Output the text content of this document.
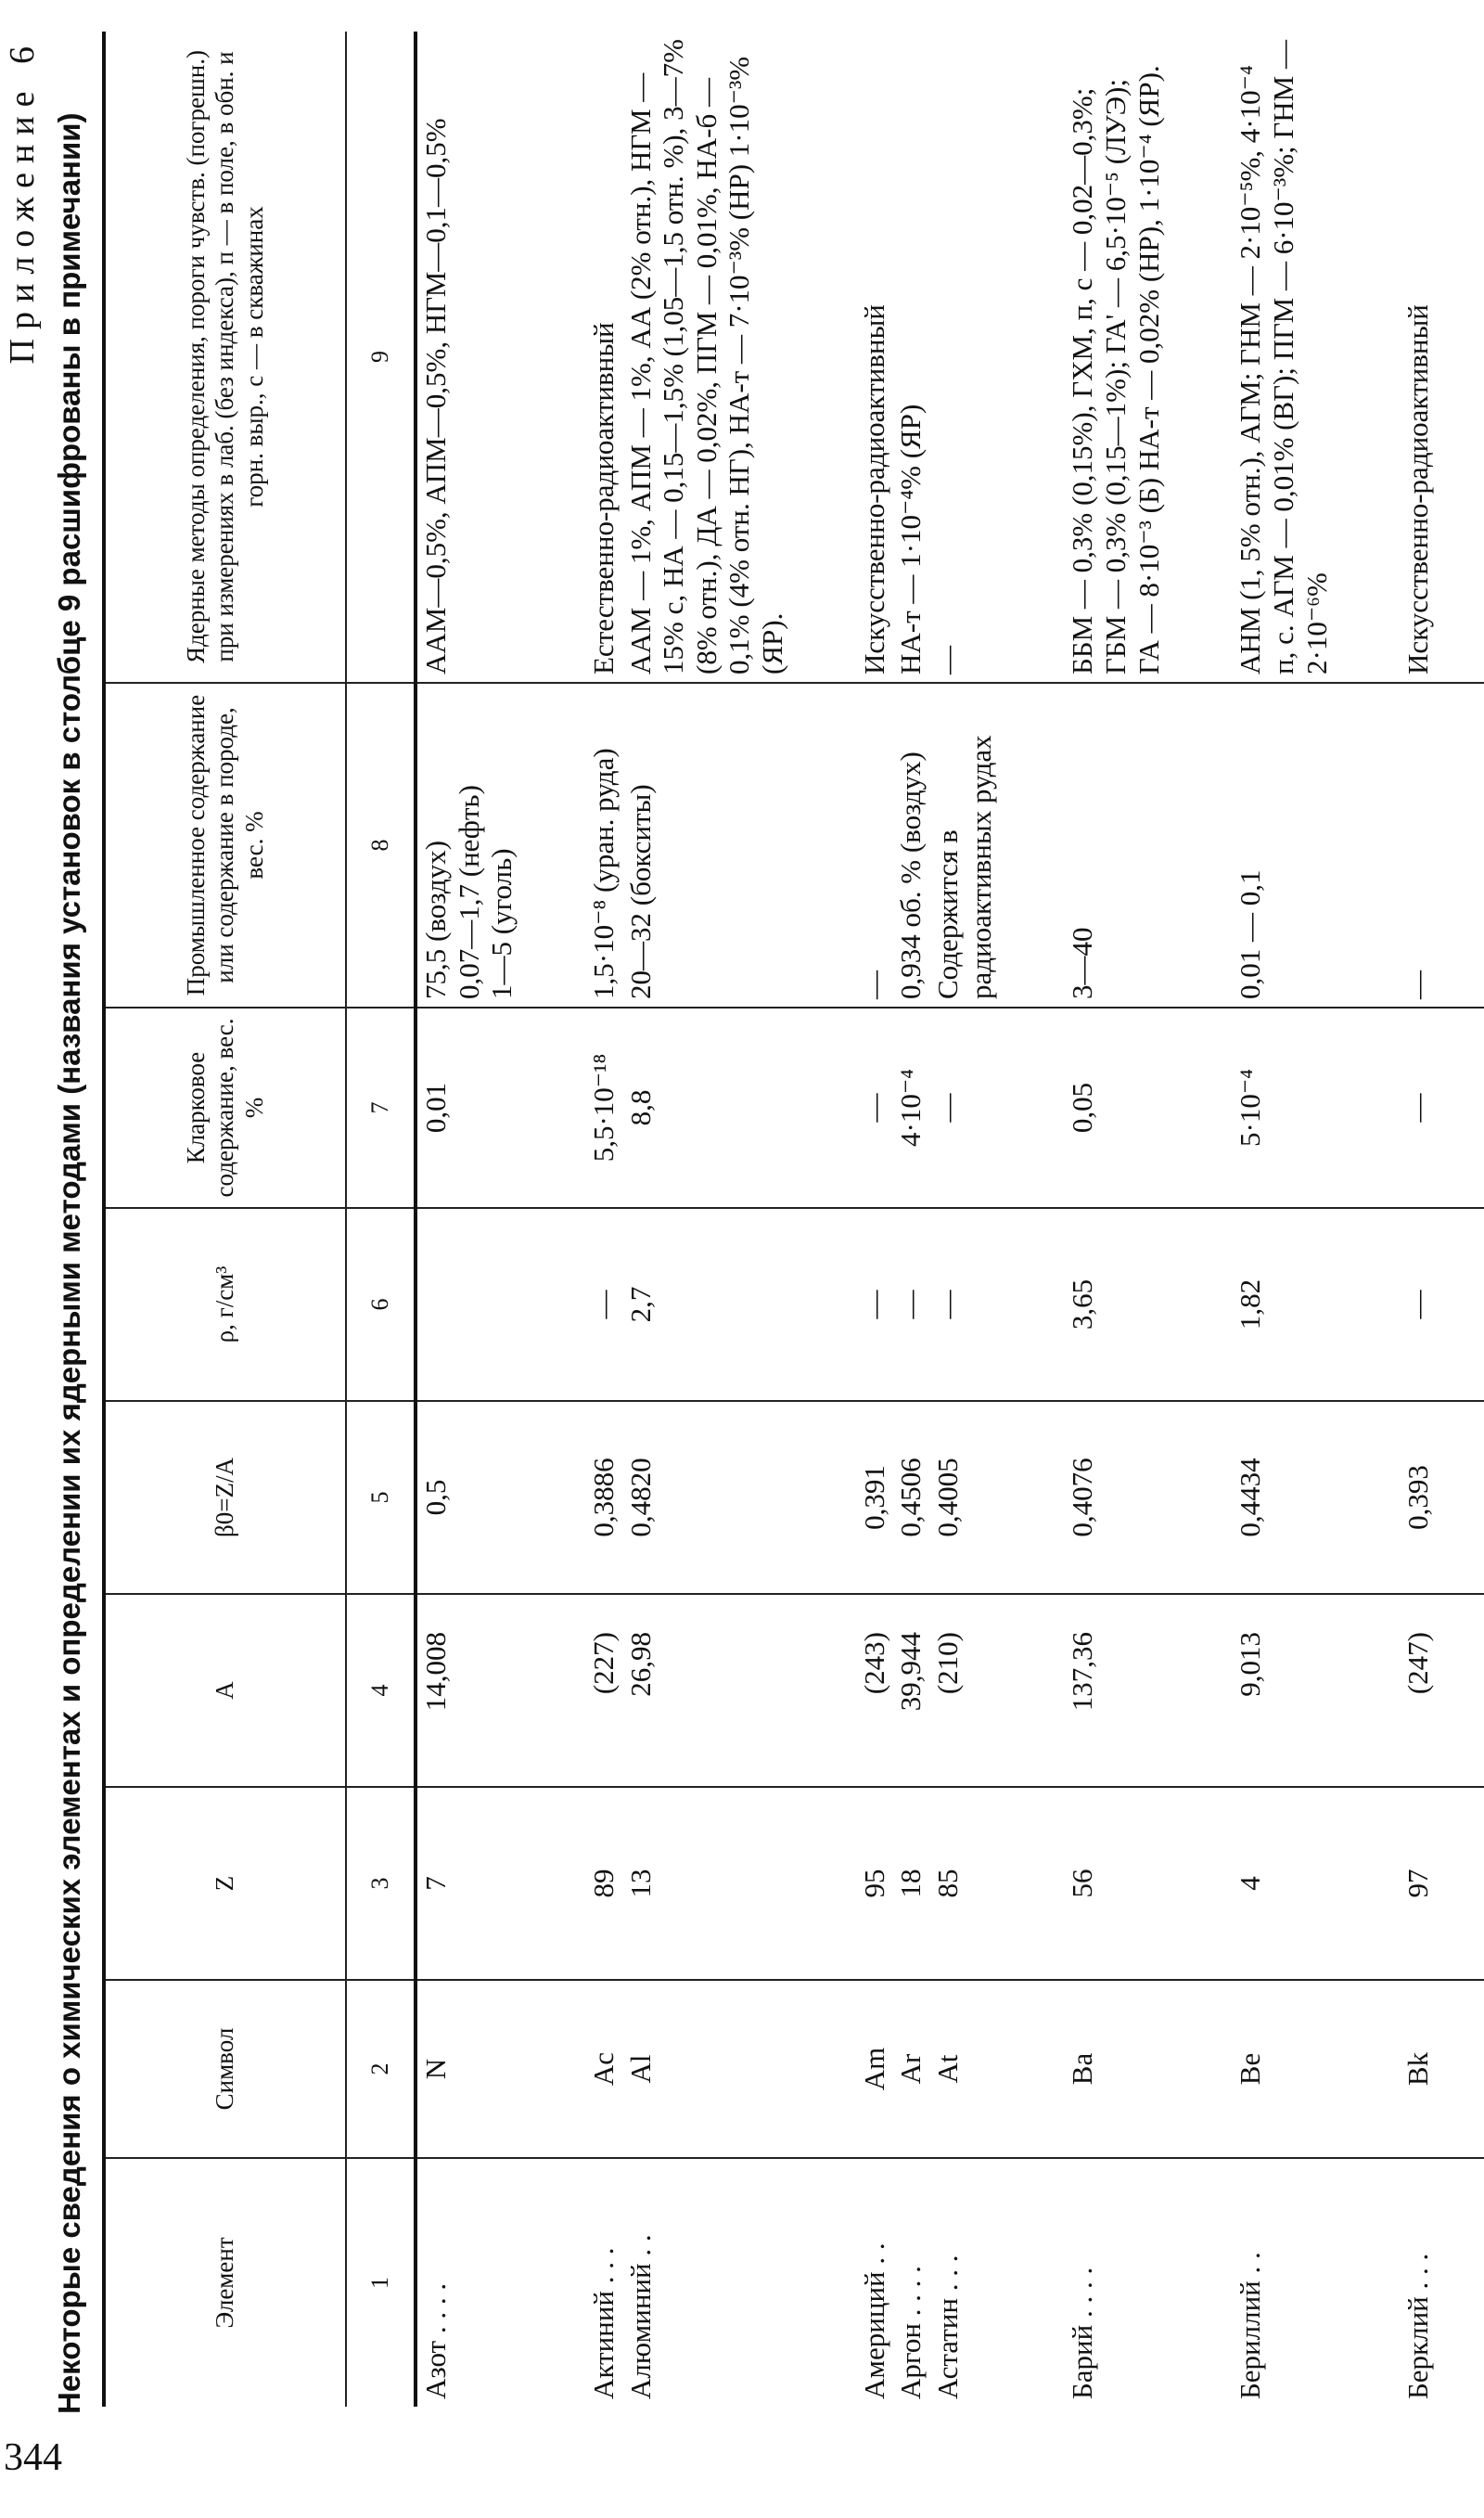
344
Приложение 6 Некоторые сведения о химических элементах и определении их ядерными методами (названия установок в столбце 9 расшифрованы в примечании)	Элемент	Символ	Z	A	β0=Z/A	ρ, г/см³	Кларковое содержание, вес. %	Промышленное содержание или содержание в породе, вес. %	Ядерные методы определения, пороги чувств. (погрешн.) при измерениях в лаб. (без индекса), п — в поле, в обн. и горн. выр., с — в скважинах
1	2	3	4	5	6	7	8	9
Азот . . . .	N	7	14,008	0,5		0,01	75,5 (воздух)
0,07—1,7 (нефть)
1—5 (уголь)	ААМ—0,5%, АПМ—0,5%, НГМ—0,1—0,5%

Актиний . . .	Ac	89	(227)	0,3886	—	5,5·10⁻¹⁸	1,5·10⁻⁸ (уран. руда)	Естественно-радиоактивный
Алюминий . .	Al	13	26,98	0,4820	2,7	8,8	20—32 (бокситы)	ААМ — 1%, АПМ — 1%, АА (2% отн.), НГМ — 15% с, НА — 0,15—1,5% (1,05—1,5 отн. %), 3—7% (8% отн.), ДА — 0,02%, ПГМ — 0,01%, НА-б — 0,1% (4% отн. НГ), НА-т — 7·10⁻³% (НР) 1·10⁻³% (ЯР).

Америций . .	Am	95	(243)	0,391	—	—	—	Искусственно-радиоактивный
Аргон . . . .	Ar	18	39,944	0,4506	—	4·10⁻⁴	0,934 об. % (воздух)	НА-т — 1·10⁻⁴% (ЯР)
Астатин . . .	At	85	(210)	0,4005	—	—	Содержится в радиоактивных рудах	—

Барий . . . .	Ba	56	137,36	0,4076	3,65	0,05	3—40	ББМ — 0,3% (0,15%), ГХМ, п, с — 0,02—0,3%; ГБМ — 0,3% (0,15—1%); ГА' — 6,5·10⁻⁵ (ЛУЭ); ГА — 8·10⁻³ (Б) НА-т — 0,02% (НР), 1·10⁻⁴ (ЯР).

Бериллий . .	Be	4	9,013	0,4434	1,82	5·10⁻⁴	0,01 — 0,1	АНМ (1, 5% отн.), АГМ; ГНМ — 2·10⁻⁵%, 4·10⁻⁴ п, с. АГМ — 0,01% (ВГ); ПГМ — 6·10⁻³%; ГНМ — 2·10⁻⁶%

Берклий . . .	Bk	97	(247)	0,393	—	—	—	Искусственно-радиоактивный
